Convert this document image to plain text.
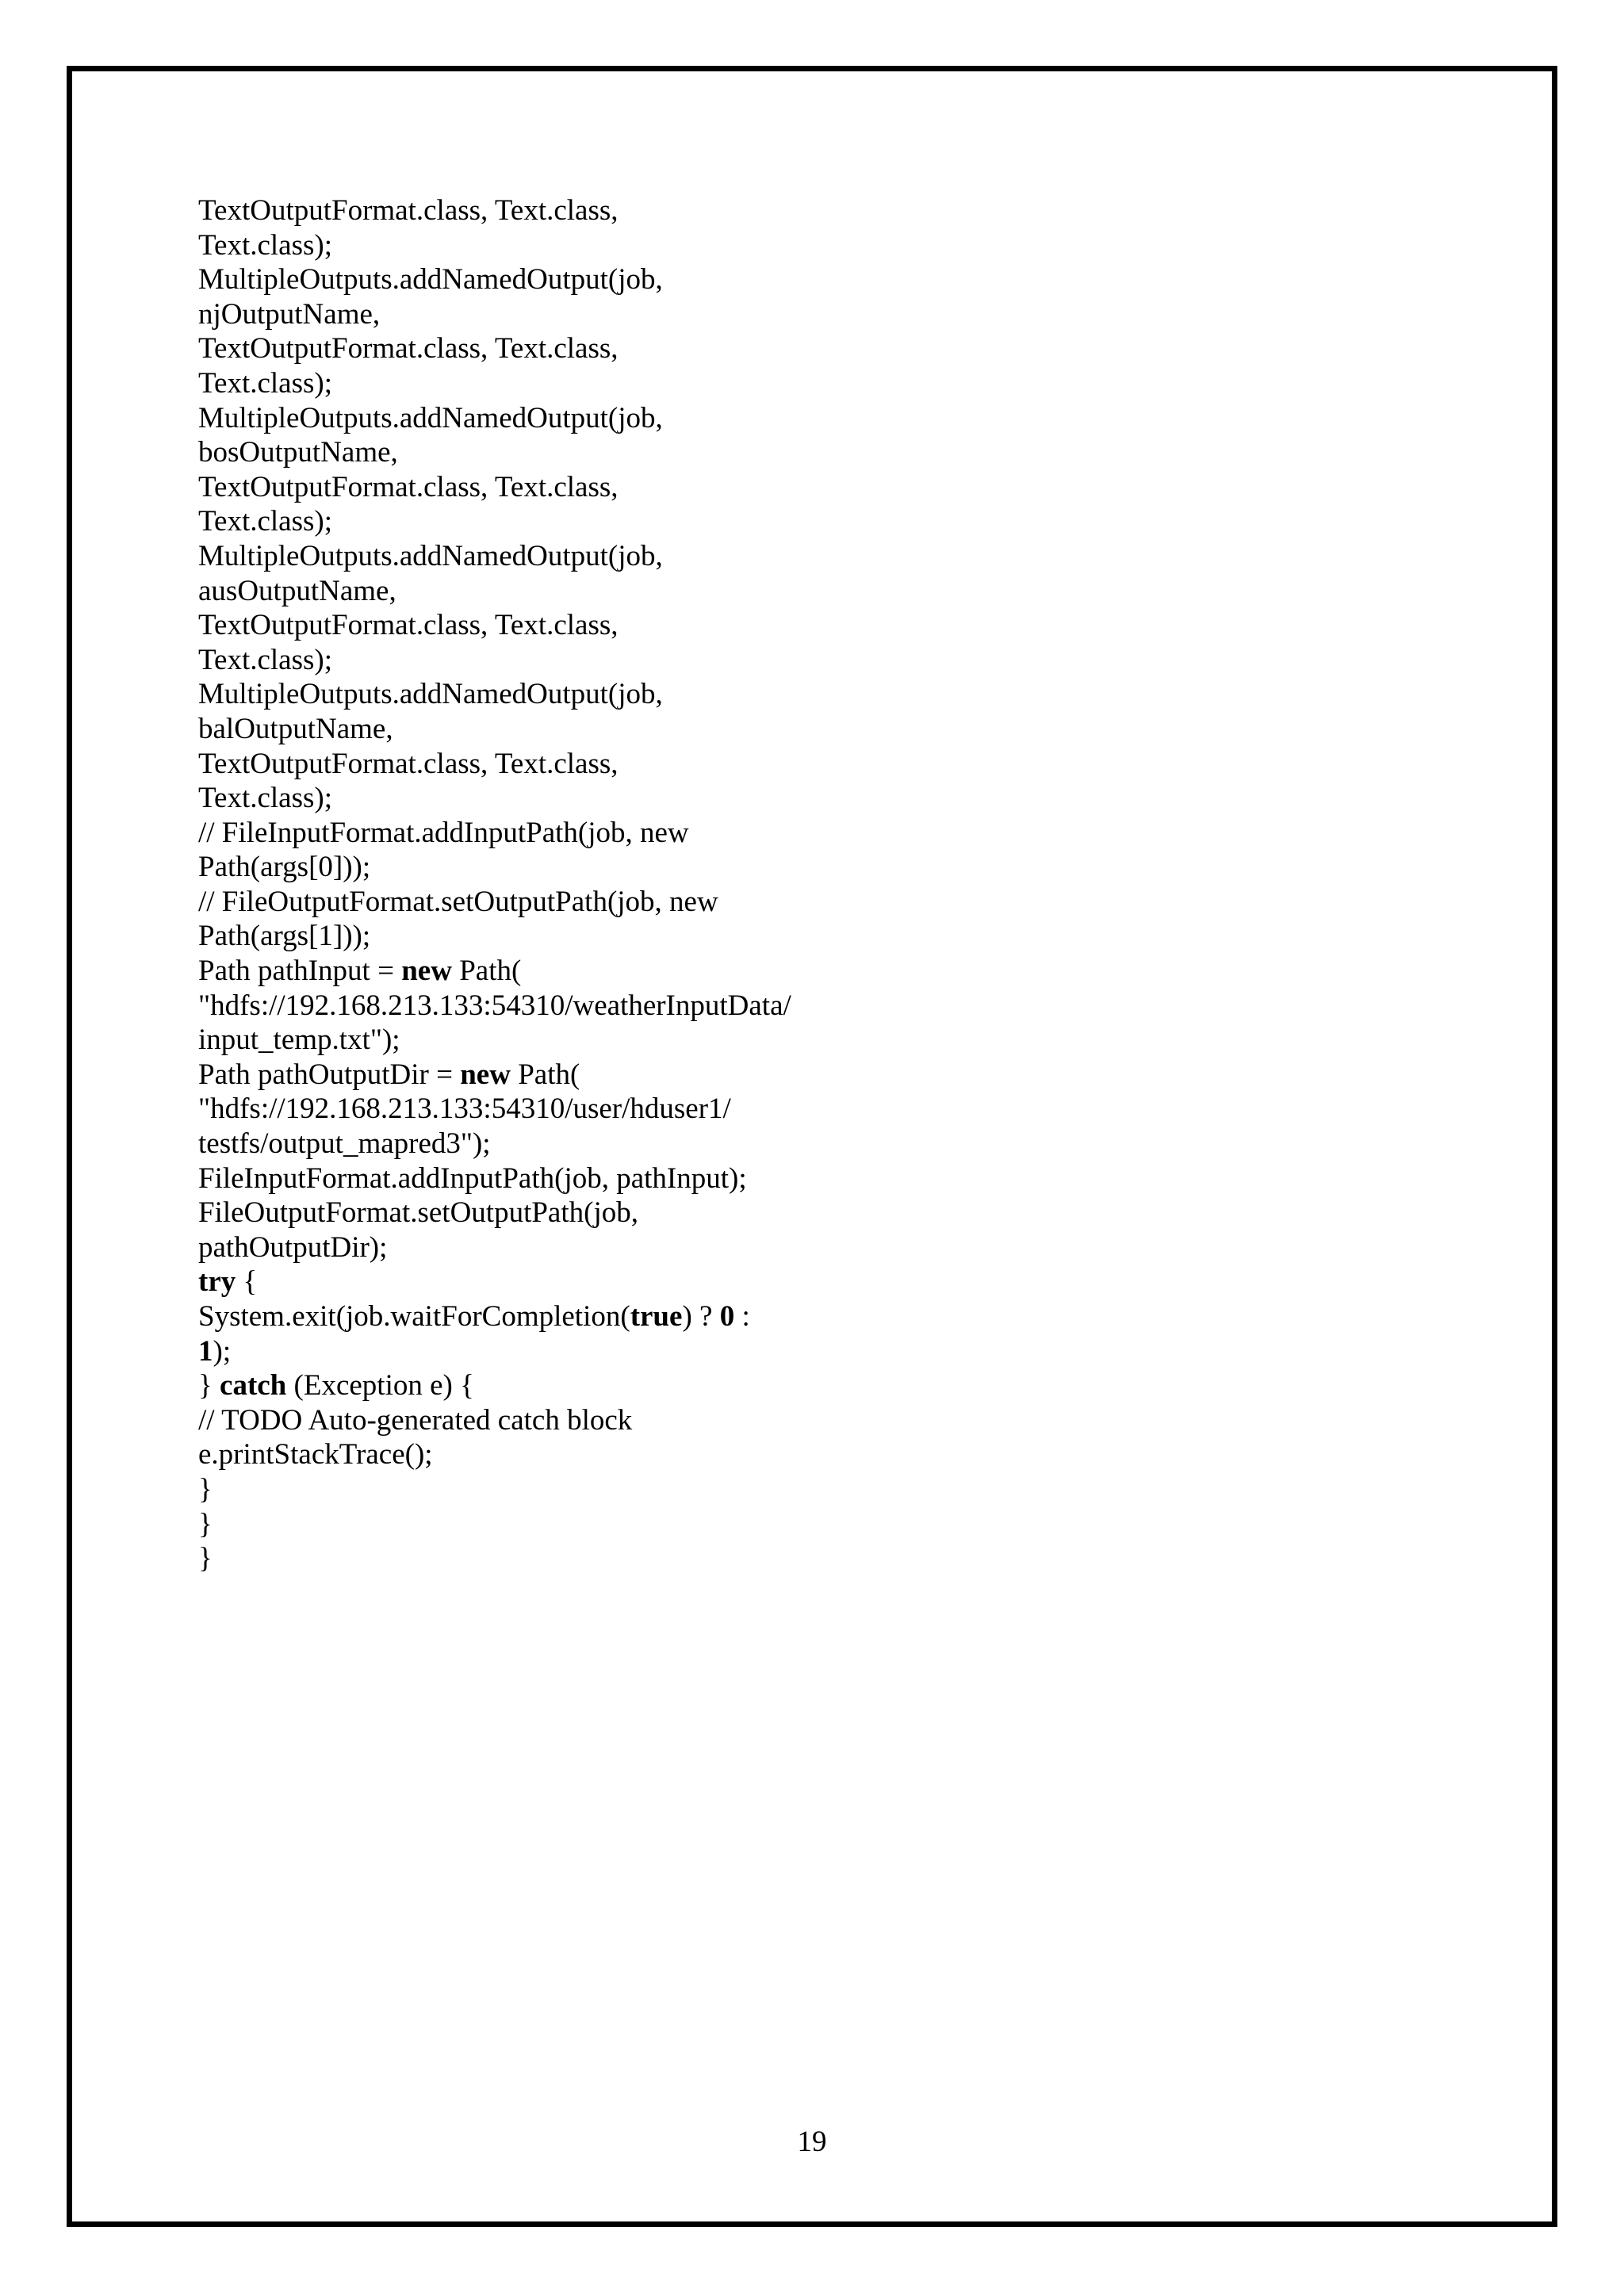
TextOutputFormat.class, Text.class,
Text.class);
MultipleOutputs.addNamedOutput(job,
njOutputName,
TextOutputFormat.class, Text.class,
Text.class);
MultipleOutputs.addNamedOutput(job,
bosOutputName,
TextOutputFormat.class, Text.class,
Text.class);
MultipleOutputs.addNamedOutput(job,
ausOutputName,
TextOutputFormat.class, Text.class,
Text.class);
MultipleOutputs.addNamedOutput(job,
balOutputName,
TextOutputFormat.class, Text.class,
Text.class);
// FileInputFormat.addInputPath(job, new
Path(args[0]));
// FileOutputFormat.setOutputPath(job, new
Path(args[1]));
Path pathInput = new Path(
"hdfs://192.168.213.133:54310/weatherInputData/
input_temp.txt");
Path pathOutputDir = new Path(
"hdfs://192.168.213.133:54310/user/hduser1/
testfs/output_mapred3");
FileInputFormat.addInputPath(job, pathInput);
FileOutputFormat.setOutputPath(job,
pathOutputDir);
try {
System.exit(job.waitForCompletion(true) ? 0 :
1);
} catch (Exception e) {
// TODO Auto-generated catch block
e.printStackTrace();
}
}
}
19
